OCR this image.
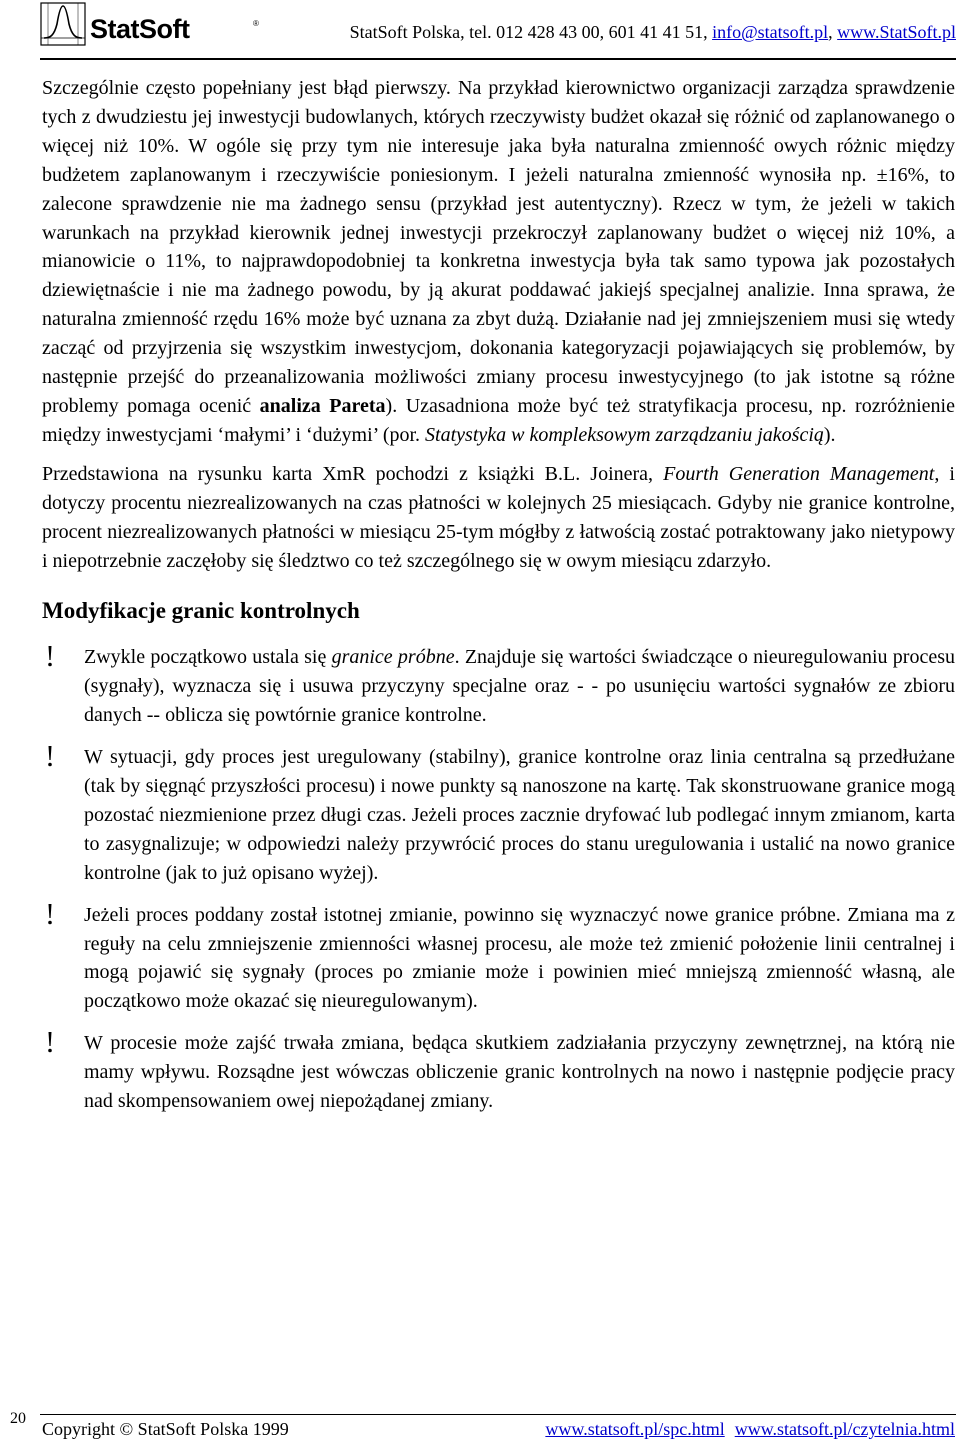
StatSoft	®	StatSoft Polska, tel. 012 428 43 00, 601 41 41 51, info@statsoft.pl, www.StatSoft.pl

Szczególnie często popełniany jest błąd pierwszy. Na przykład kierownictwo organizacji zarządza sprawdzenie tych z dwudziestu jej inwestycji budowlanych, których rzeczywisty budżet okazał się różnić od zaplanowanego o więcej niż 10%. W ogóle się przy tym nie interesuje jaka była naturalna zmienność owych różnic między budżetem zaplanowanym i rzeczywiście poniesionym. I jeżeli naturalna zmienność wynosiła np. ±16%, to zalecone sprawdzenie nie ma żadnego sensu (przykład jest autentyczny). Rzecz w tym, że jeżeli w takich warunkach na przykład kierownik jednej inwestycji przekroczył zaplanowany budżet o więcej niż 10%, a mianowicie o 11%, to najprawdopodobniej ta konkretna inwestycja była tak samo typowa jak pozostałych dziewiętnaście i nie ma żadnego powodu, by ją akurat poddawać jakiejś specjalnej analizie. Inna sprawa, że naturalna zmienność rzędu 16% może być uznana za zbyt dużą. Działanie nad jej zmniejszeniem musi się wtedy zacząć od przyjrzenia się wszystkim inwestycjom, dokonania kategoryzacji pojawiających się problemów, by następnie przejść do przeanalizowania możliwości zmiany procesu inwestycyjnego (to jak istotne są różne problemy pomaga ocenić analiza Pareta). Uzasadniona może być też stratyfikacja procesu, np. rozróżnienie między inwestycjami ‘małymi’ i ‘dużymi’ (por. Statystyka w kompleksowym zarządzaniu jakością).

Przedstawiona na rysunku karta XmR pochodzi z książki B.L. Joinera, Fourth Generation Management, i dotyczy procentu niezrealizowanych na czas płatności w kolejnych 25 miesiącach. Gdyby nie granice kontrolne, procent niezrealizowanych płatności w miesiącu 25-tym mógłby z łatwością zostać potraktowany jako nietypowy i niepotrzebnie zaczęłoby się śledztwo co też szczególnego się w owym miesiącu zdarzyło.

Modyfikacje granic kontrolnych
Zwykle początkowo ustala się granice próbne. Znajduje się wartości świadczące o nieuregulowaniu procesu (sygnały), wyznacza się i usuwa przyczyny specjalne oraz - - po usunięciu wartości sygnałów ze zbioru danych -- oblicza się powtórnie granice kontrolne.
W sytuacji, gdy proces jest uregulowany (stabilny), granice kontrolne oraz linia centralna są przedłużane (tak by sięgnąć przyszłości procesu) i nowe punkty są nanoszone na kartę. Tak skonstruowane granice mogą pozostać niezmienione przez długi czas. Jeżeli proces zacznie dryfować lub podlegać innym zmianom, karta to zasygnalizuje; w odpowiedzi należy przywrócić proces do stanu uregulowania i ustalić na nowo granice kontrolne (jak to już opisano wyżej).
Jeżeli proces poddany został istotnej zmianie, powinno się wyznaczyć nowe granice próbne. Zmiana ma z reguły na celu zmniejszenie zmienności własnej procesu, ale może też zmienić położenie linii centralnej i mogą pojawić się sygnały (proces po zmianie może i powinien mieć mniejszą zmienność własną, ale początkowo może okazać się nieuregulowanym).
W procesie może zajść trwała zmiana, będąca skutkiem zadziałania przyczyny zewnętrznej, na którą nie mamy wpływu. Rozsądne jest wówczas obliczenie granic kontrolnych na nowo i następnie podjęcie pracy nad skompensowaniem owej niepożądanej zmiany.
20
Copyright © StatSoft Polska 1999	www.statsoft.pl/spc.html www.statsoft.pl/czytelnia.html
